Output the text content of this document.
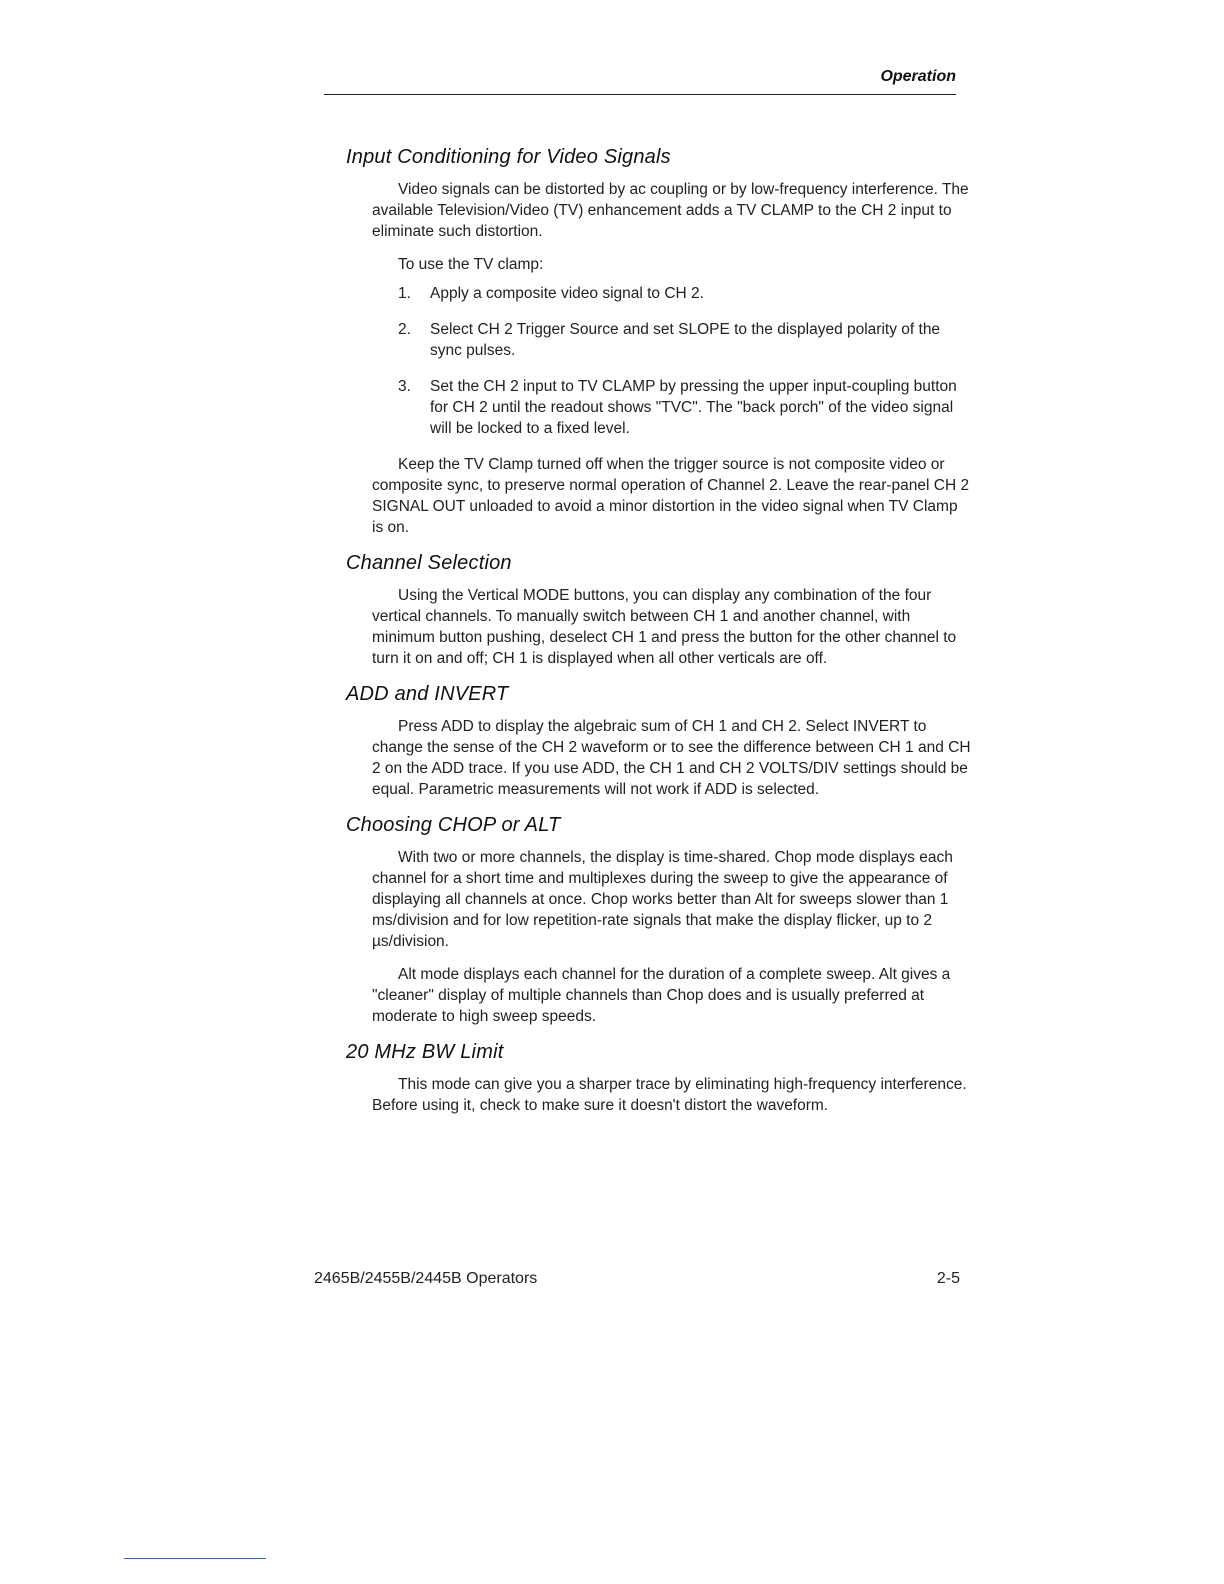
Operation
Input Conditioning for Video Signals

Video signals can be distorted by ac coupling or by low-frequency interference. The available Television/Video (TV) enhancement adds a TV CLAMP to the CH 2 input to eliminate such distortion.

To use the TV clamp:

1. Apply a composite video signal to CH 2.
2. Select CH 2 Trigger Source and set SLOPE to the displayed polarity of the sync pulses.
3. Set the CH 2 input to TV CLAMP by pressing the upper input-coupling button for CH 2 until the readout shows "TVC". The "back porch" of the video signal will be locked to a fixed level.

Keep the TV Clamp turned off when the trigger source is not composite video or composite sync, to preserve normal operation of Channel 2. Leave the rear-panel CH 2 SIGNAL OUT unloaded to avoid a minor distortion in the video signal when TV Clamp is on.

Channel Selection

Using the Vertical MODE buttons, you can display any combination of the four vertical channels. To manually switch between CH 1 and another channel, with minimum button pushing, deselect CH 1 and press the button for the other channel to turn it on and off; CH 1 is displayed when all other verticals are off.

ADD and INVERT

Press ADD to display the algebraic sum of CH 1 and CH 2. Select INVERT to change the sense of the CH 2 waveform or to see the difference between CH 1 and CH 2 on the ADD trace. If you use ADD, the CH 1 and CH 2 VOLTS/DIV settings should be equal. Parametric measurements will not work if ADD is selected.

Choosing CHOP or ALT

With two or more channels, the display is time-shared. Chop mode displays each channel for a short time and multiplexes during the sweep to give the appearance of displaying all channels at once. Chop works better than Alt for sweeps slower than 1 ms/division and for low repetition-rate signals that make the display flicker, up to 2 µs/division.

Alt mode displays each channel for the duration of a complete sweep. Alt gives a "cleaner" display of multiple channels than Chop does and is usually preferred at moderate to high sweep speeds.

20 MHz BW Limit

This mode can give you a sharper trace by eliminating high-frequency interference. Before using it, check to make sure it doesn't distort the waveform.

2465B/2455B/2445B Operators	2-5
